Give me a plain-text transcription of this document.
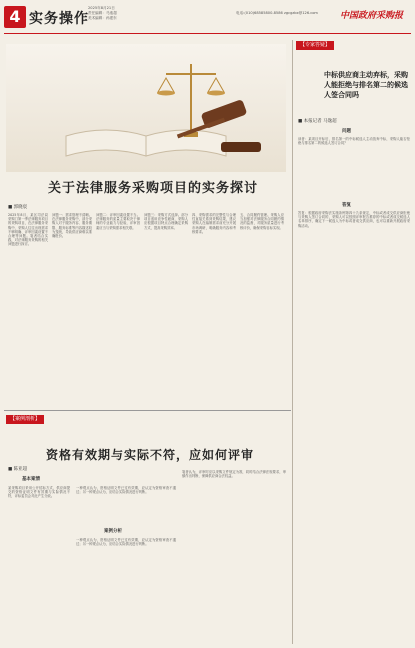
4 实务操作
2025年8月21日
责任编辑：马逸超
美术编辑：孙建东
电话:(010)68585800-8586 zgcgzbx@126.com 中国政府采购报
【专家答疑】
【案例剖析】
关于法律服务采购项目的实务探讨
■ 郭晓宸
2025年8月，某区司法局采购门第一季法律服务项目的采购项目，在法律服务采购中，采购人往往出现需求不够明确、评审因素设置不合理等问题。笔者结合实践，对法律服务采购的相关问题进行探讨。
问题一：需求管理不清晰。在法律服务采购中，部分采购人对于服务内容、服务期限、服务标准等内容描述较为笼统，导致供应商难以准确报价。
问题二：评审因素设置不当。法律服务的质量主要取决于律师的专业能力与经验，评审因素应当与采购需求相关联。
问题三：采购方式选择。部分项目适用竞争性磋商，采购人应根据项目特点合理确定采购方式，提高采购效率。
四、采购需求的完整性与合理性直接关系到采购结果，建议采购人在编制需求前充分开展市场调研，明确服务内容和考核要求。
五、合同履约管理。采购人应当加强对法律服务合同履约情况的监督，对服务质量进行考核评价，确保采购目标实现。
资格有效期与实际不符，应如何评审
■ 陈亚超
基本案情
案例分析
某采购项目采用公开招标方式，供应商提交的资格证明文件有效期与实际情况不符，评标委员会对此产生分歧。
一种观点认为，资格证明文件已过有效期，应认定为资格审查不通过；另一种观点认为，应结合实际情况进行判断。
一种观点认为，资格证明文件已过有效期，应认定为资格审查不通过；另一种观点认为，应结合实际情况进行判断。
笔者认为，评审时应以采购文件规定为准，同时结合法律法规要求，审慎作出判断，保障供应商合法权益。
中标供应商主动弃标，采购人能拒绝与排名第二的候选人签合同吗
■ 本报记者 马逸超
问题
读者：某项目开标后，排名第一的中标候选人主动放弃中标，采购人能否拒绝与排名第二的候选人签订合同？
答复
答复：根据政府采购法实施条例第四十九条规定，中标或者成交供应商拒绝与采购人签订合同的，采购人可以按照评审报告推荐的中标或者成交候选人名单排序，确定下一候选人为中标或者成交供应商，也可以重新开展政府采购活动。
